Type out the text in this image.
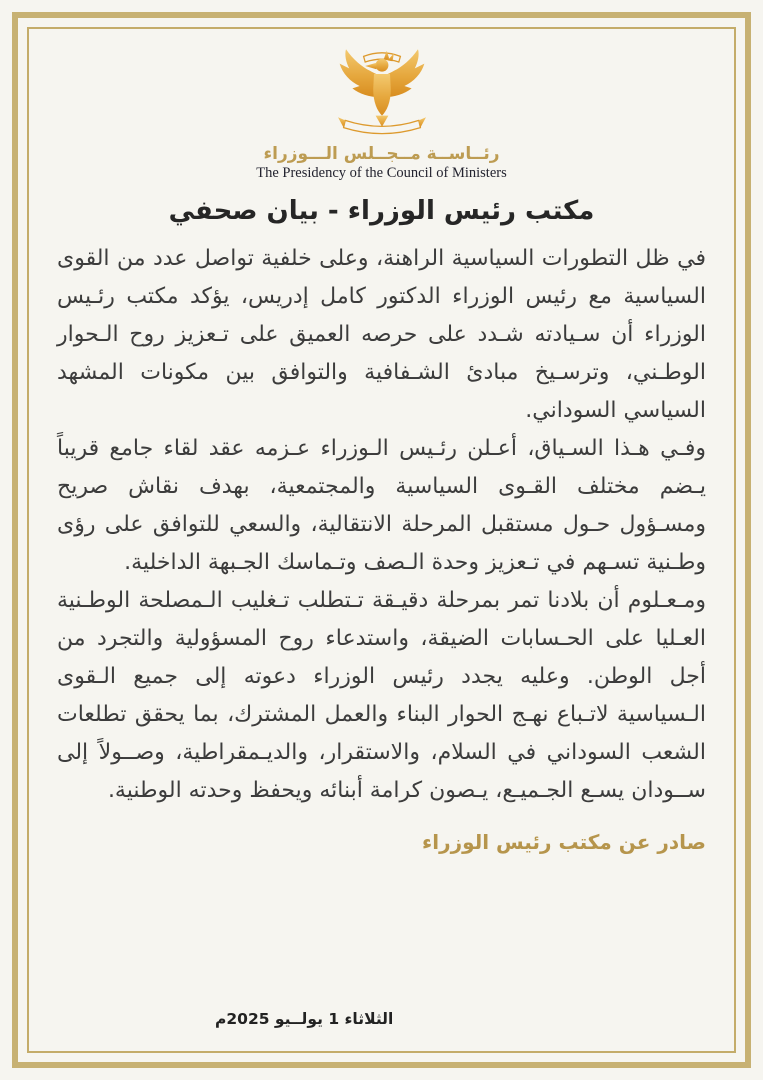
رئــاســة مــجــلس الـــوزراء
The Presidency of the Council of Ministers
مكتب رئيس الوزراء - بيان صحفي

في ظل التطورات السياسية الراهنة، وعلى خلفية تواصل عدد من القوى السياسية مع رئيس الوزراء الدكتور كامل إدريس، يؤكد مكتب رئـيس الوزراء أن سـيادته شـدد على حرصه العميق على تـعزيز روح الـحوار الوطـني، وترسـيخ مبادئ الشـفافية والتوافق بين مكونات المشهد السياسي السوداني.

وفـي هـذا السـياق، أعـلن رئـيس الـوزراء عـزمه عقد لقاء جامع قريباً يـضم مختلف القـوى السياسية والمجتمعية، بهدف نقاش صريح ومسـؤول حـول مستقبل المرحلة الانتقالية، والسعي للتوافق على رؤى وطـنية تسـهم في تـعزيز وحدة الـصف وتـماسك الجـبهة الداخلية.

ومـعـلوم أن بلادنا تمر بمرحلة دقيـقة تـتطلب تـغليب الـمصلحة الوطـنية العـليا على الحـسابات الضيقة، واستدعاء روح المسؤولية والتجرد من أجل الوطن. وعليه يجدد رئيس الوزراء دعوته إلى جميع الـقوى الـسياسية لاتـباع نهـج الحوار البناء والعمل المشترك، بما يحقق تطلعات الشعب السوداني في السلام، والاستقرار، والديـمقراطية، وصــولاً إلى ســودان يسـع الجـميـع، يـصون كرامة أبنائه ويحفظ وحدته الوطنية.

صادر عن مكتب رئيس الوزراء
الثلاثاء 1 يولــيو 2025م
